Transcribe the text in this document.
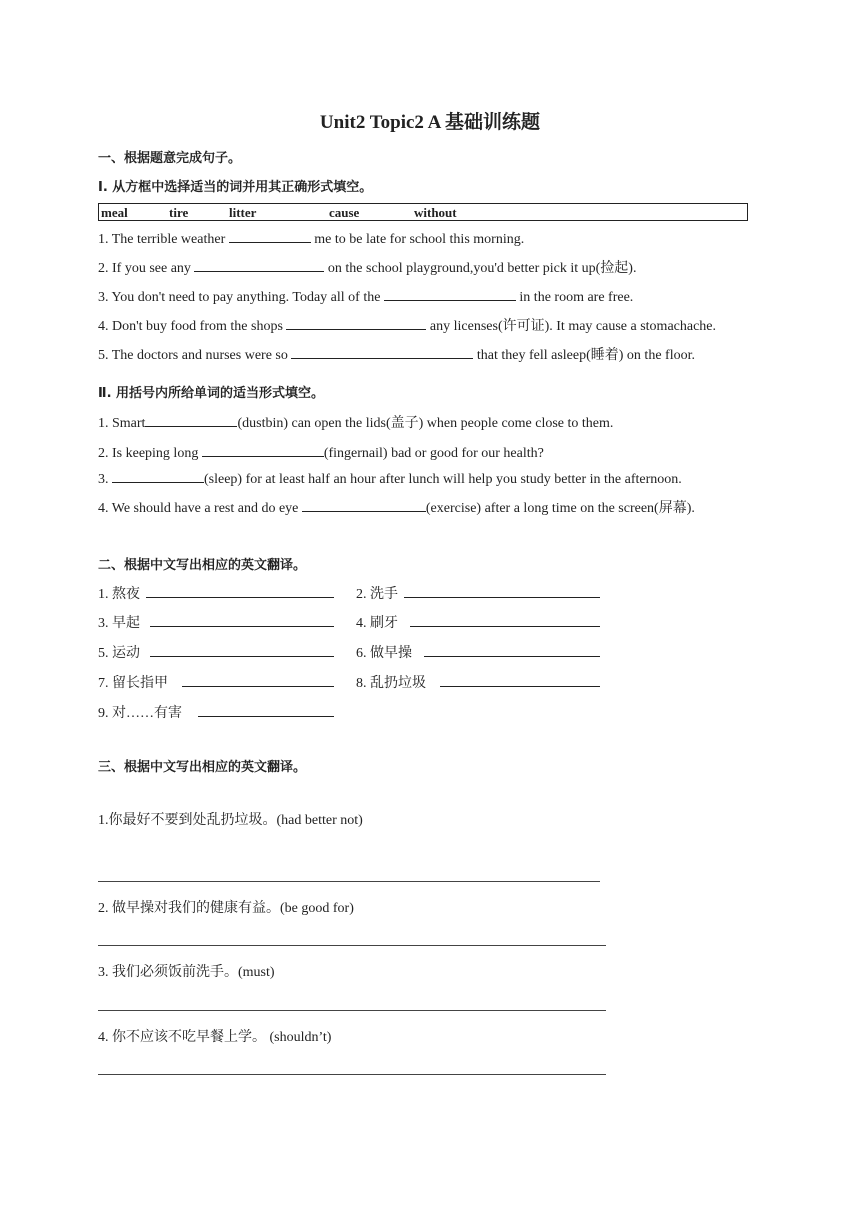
Unit2 Topic2 A 基础训练题
一、根据题意完成句子。
Ⅰ. 从方框中选择适当的词并用其正确形式填空。
meal	tire	litter	cause	without
1. The terrible weather	me to be late for school this morning.
2. If you see any	on the school playground,you'd better pick it up(捡起).
3. You don't need to pay anything. Today all of the	in the room are free.
4. Don't buy food from the shops	any licenses(许可证). It may cause a stomachache.
5. The doctors and nurses were so	that they fell asleep(睡着) on the floor.
Ⅱ. 用括号内所给单词的适当形式填空。
1. Smart	(dustbin) can open the lids(盖子) when people come close to them.
2. Is keeping long	(fingernail) bad or good for our health?
3.	(sleep) for at least half an hour after lunch will help you study better in the afternoon.
4. We should have a rest and do eye	(exercise) after a long time on the screen(屏幕).
二、根据中文写出相应的英文翻译。
1. 熬夜	2. 洗手
3. 早起	4. 刷牙
5. 运动	6. 做早操
7. 留长指甲	8. 乱扔垃圾
9. 对……有害
三、根据中文写出相应的英文翻译。
1.你最好不要到处乱扔垃圾。(had better not)
2. 做早操对我们的健康有益。(be good for)
3. 我们必须饭前洗手。(must)
4. 你不应该不吃早餐上学。 (shouldn’t)
